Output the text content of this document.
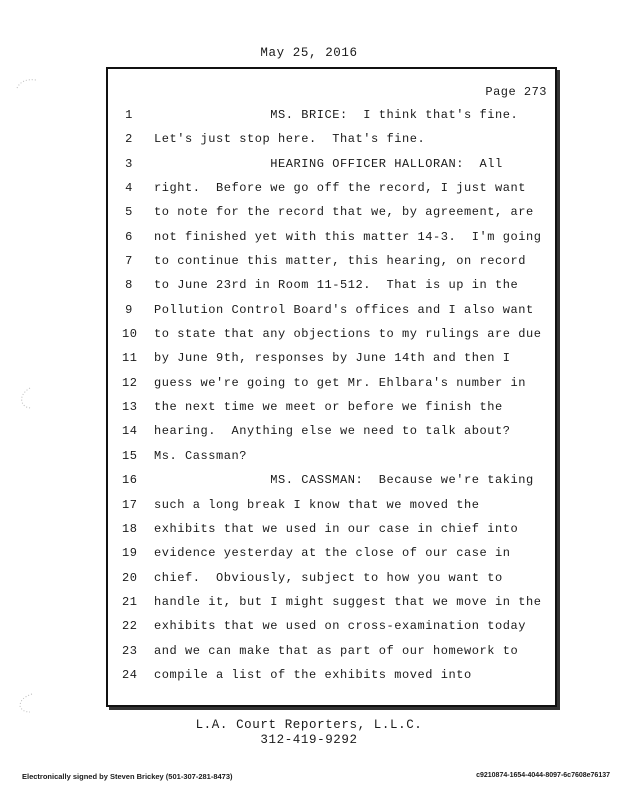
May 25, 2016
Page 273
1 MS. BRICE:  I think that's fine.
2 Let's just stop here.  That's fine.
3 HEARING OFFICER HALLORAN:  All
4 right.  Before we go off the record, I just want
5 to note for the record that we, by agreement, are
6 not finished yet with this matter 14-3.  I'm going
7 to continue this matter, this hearing, on record
8 to June 23rd in Room 11-512.  That is up in the
9 Pollution Control Board's offices and I also want
10 to state that any objections to my rulings are due
11 by June 9th, responses by June 14th and then I
12 guess we're going to get Mr. Ehlbara's number in
13 the next time we meet or before we finish the
14 hearing.  Anything else we need to talk about?
15 Ms. Cassman?
16 MS. CASSMAN:  Because we're taking
17 such a long break I know that we moved the
18 exhibits that we used in our case in chief into
19 evidence yesterday at the close of our case in
20 chief.  Obviously, subject to how you want to
21 handle it, but I might suggest that we move in the
22 exhibits that we used on cross-examination today
23 and we can make that as part of our homework to
24 compile a list of the exhibits moved into
L.A. Court Reporters, L.L.C.
312-419-9292
Electronically signed by Steven Brickey (501-307-281-8473)	c9210874-1654-4044-8097-6c7608e76137
